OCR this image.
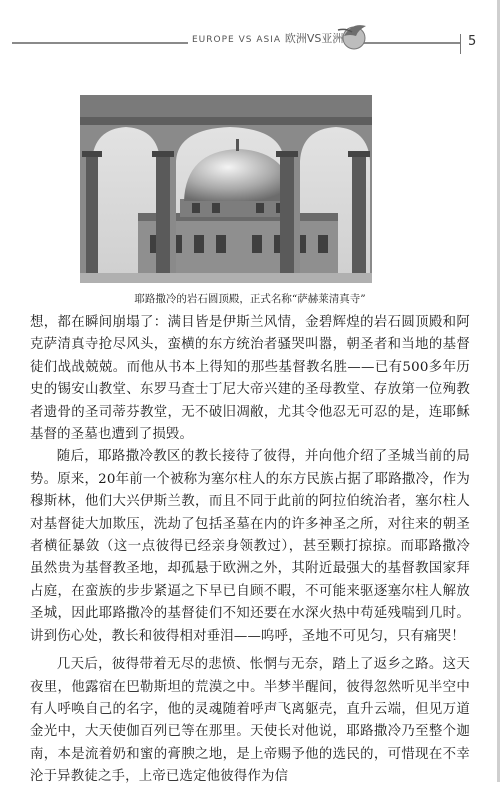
EUROPE VS ASIA 欧洲VS亚洲	5
耶路撒冷的岩石圆顶殿，正式名称“萨赫莱清真寺”

想，都在瞬间崩塌了：满目皆是伊斯兰风情，金碧辉煌的岩石圆顶殿和阿克萨清真寺抢尽风头，蛮横的东方统治者骚哭叫嚣，朝圣者和当地的基督徒们战战兢兢。而他从书本上得知的那些基督教名胜——已有500多年历史的锡安山教堂、东罗马查士丁尼大帝兴建的圣母教堂、存放第一位殉教者遗骨的圣司蒂芬教堂，无不破旧凋敝，尤其令他忍无可忍的是，连耶稣基督的圣墓也遭到了损毁。

随后，耶路撒冷教区的教长接待了彼得，并向他介绍了圣城当前的局势。原来，20年前一个被称为塞尔柱人的东方民族占据了耶路撒冷，作为穆斯林，他们大兴伊斯兰教，而且不同于此前的阿拉伯统治者，塞尔柱人对基督徒大加欺压，洗劫了包括圣墓在内的许多神圣之所，对往来的朝圣者横征暴敛（这一点彼得已经亲身领教过），甚至颗打掠掠。而耶路撒冷虽然贵为基督教圣地，却孤悬于欧洲之外，其附近最强大的基督教国家拜占庭，在蛮族的步步紧逼之下早已自顾不暇，不可能来驱逐塞尔柱人解放圣城，因此耶路撒冷的基督徒们不知还要在水深火热中苟延残喘到几时。讲到伤心处，教长和彼得相对垂泪——呜呼，圣地不可见匀，只有痛哭！

几天后，彼得带着无尽的悲愤、怅惘与无奈，踏上了返乡之路。这天夜里，他露宿在巴勒斯坦的荒漠之中。半梦半醒间，彼得忽然听见半空中有人呼唤自己的名字，他的灵魂随着呼声飞离躯壳，直升云端，但见万道金光中，大天使伽百列已等在那里。天使长对他说，耶路撒冷乃至整个迦南，本是流着奶和蜜的膏腴之地，是上帝赐予他的选民的，可惜现在不幸沦于异教徒之手，上帝已选定他彼得作为信
